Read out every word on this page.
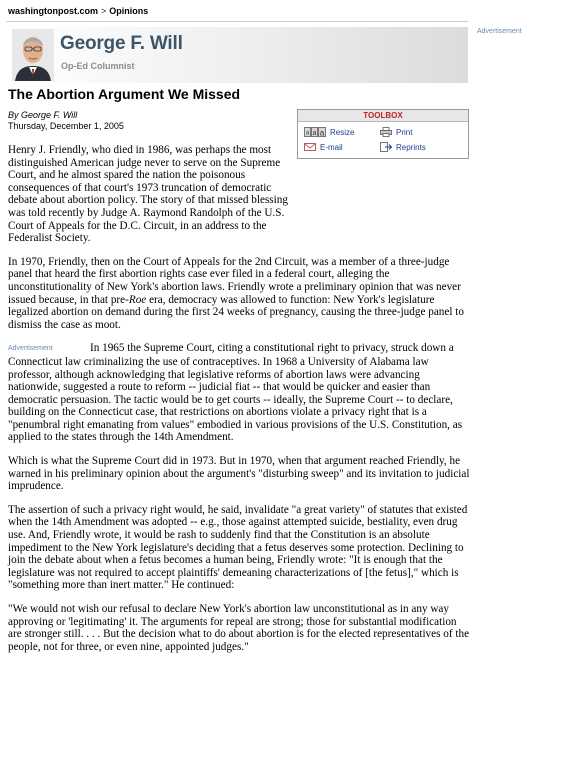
washingtonpost.com > Opinions
Advertisement
George F. Will
Op-Ed Columnist
The Abortion Argument We Missed
By George F. Will
Thursday, December 1, 2005
TOOLBOX
a a a Resize	Print
E-mail	Reprints

Henry J. Friendly, who died in 1986, was perhaps the most distinguished American judge never to serve on the Supreme Court, and he almost spared the nation the poisonous consequences of that court's 1973 truncation of democratic debate about abortion policy. The story of that missed blessing was told recently by Judge A. Raymond Randolph of the U.S. Court of Appeals for the D.C. Circuit, in an address to the Federalist Society.

In 1970, Friendly, then on the Court of Appeals for the 2nd Circuit, was a member of a three-judge panel that heard the first abortion rights case ever filed in a federal court, alleging the unconstitutionality of New York's abortion laws. Friendly wrote a preliminary opinion that was never issued because, in that pre-Roe era, democracy was allowed to function: New York's legislature legalized abortion on demand during the first 24 weeks of pregnancy, causing the three-judge panel to dismiss the case as moot.

Advertisement	In 1965 the Supreme Court, citing a constitutional right to privacy, struck down a Connecticut law criminalizing the use of contraceptives. In 1968 a University of Alabama law professor, although acknowledging that legislative reforms of abortion laws were advancing nationwide, suggested a route to reform -- judicial fiat -- that would be quicker and easier than democratic persuasion. The tactic would be to get courts -- ideally, the Supreme Court -- to declare, building on the Connecticut case, that restrictions on abortions violate a privacy right that is a "penumbral right emanating from values" embodied in various provisions of the U.S. Constitution, as applied to the states through the 14th Amendment.

Which is what the Supreme Court did in 1973. But in 1970, when that argument reached Friendly, he warned in his preliminary opinion about the argument's "disturbing sweep" and its invitation to judicial imprudence.

The assertion of such a privacy right would, he said, invalidate "a great variety" of statutes that existed when the 14th Amendment was adopted -- e.g., those against attempted suicide, bestiality, even drug use. And, Friendly wrote, it would be rash to suddenly find that the Constitution is an absolute impediment to the New York legislature's deciding that a fetus deserves some protection. Declining to join the debate about when a fetus becomes a human being, Friendly wrote: "It is enough that the legislature was not required to accept plaintiffs' demeaning characterizations of [the fetus]," which is "something more than inert matter." He continued:

"We would not wish our refusal to declare New York's abortion law unconstitutional as in any way approving or 'legitimating' it. The arguments for repeal are strong; those for substantial modification are stronger still. . . . But the decision what to do about abortion is for the elected representatives of the people, not for three, or even nine, appointed judges."
